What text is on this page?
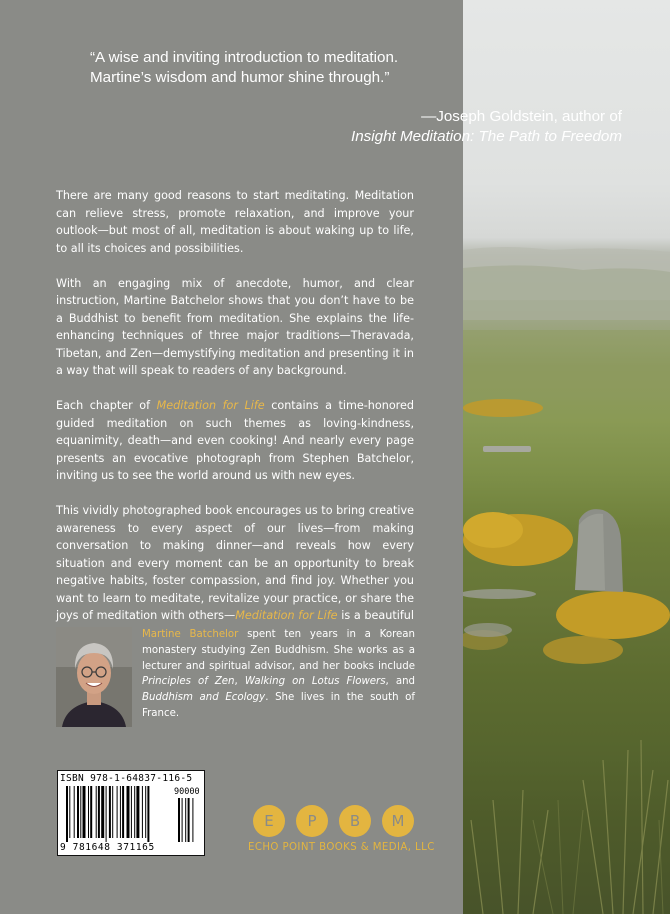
“A wise and inviting introduction to meditation.
Martine’s wisdom and humor shine through.”
—Joseph Goldstein, author of
Insight Meditation: The Path to Freedom

There are many good reasons to start meditating. Meditation can relieve stress, promote relaxation, and improve your outlook—but most of all, meditation is about waking up to life, to all its choices and possibilities.

With an engaging mix of anecdote, humor, and clear instruction, Martine Batchelor shows that you don’t have to be a Buddhist to benefit from meditation. She explains the life-enhancing techniques of three major traditions—Theravada, Tibetan, and Zen—demystifying meditation and presenting it in a way that will speak to readers of any background.

Each chapter of Meditation for Life contains a time-honored guided meditation on such themes as loving-kindness, equanimity, death—and even cooking! And nearly every page presents an evocative photograph from Stephen Batchelor, inviting us to see the world around us with new eyes.

This vividly photographed book encourages us to bring creative awareness to every aspect of our lives—from making conversation to making dinner—and reveals how every situation and every moment can be an opportunity to break negative habits, foster compassion, and find joy. Whether you want to learn to meditate, revitalize your practice, or share the joys of meditation with others—Meditation for Life is a beautiful

Martine Batchelor spent ten years in a Korean monastery studying Zen Buddhism. She works as a lecturer and spiritual advisor, and her books include Principles of Zen, Walking on Lotus Flowers, and Buddhism and Ecology. She lives in the south of France.
ISBN 978-1-64837-116-5
90000
9 781648 371165
E	P	B	M
ECHO POINT BOOKS & MEDIA, LLC
